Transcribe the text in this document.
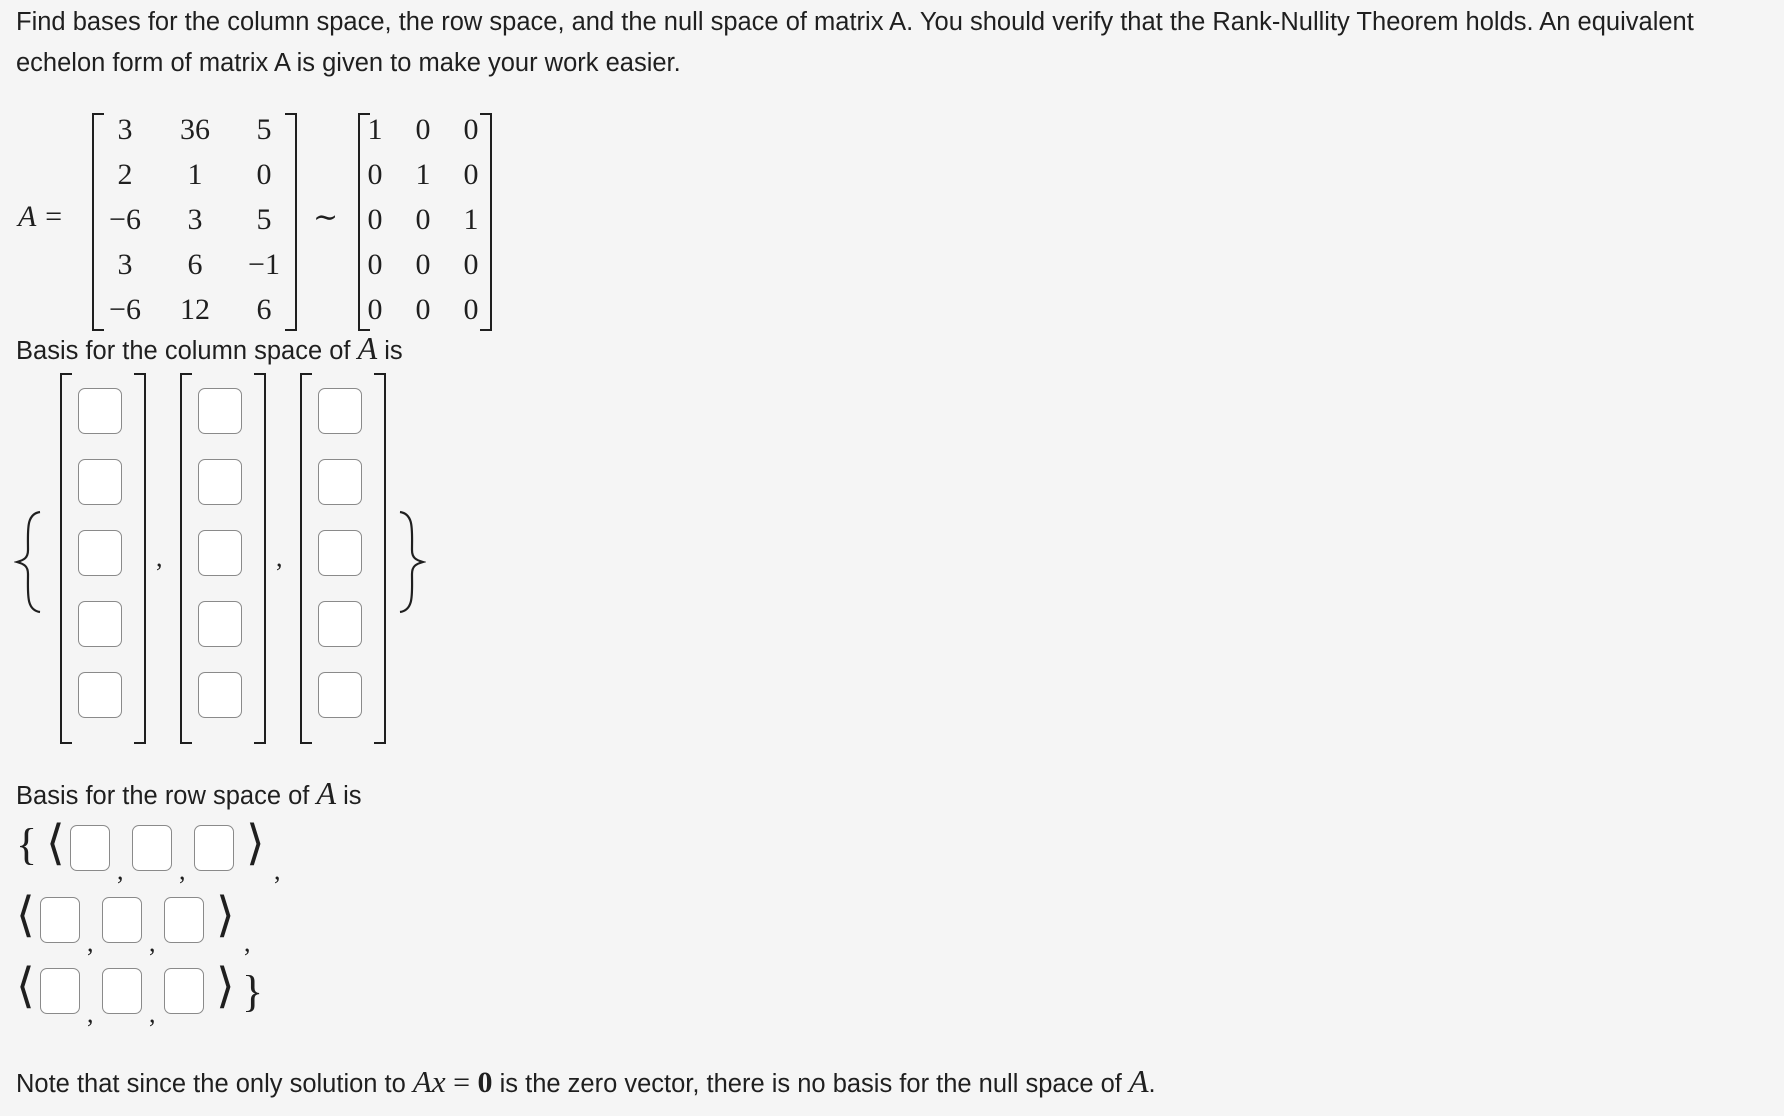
Find bases for the column space, the row space, and the null space of matrix A. You should verify that the Rank-Nullity Theorem holds. An equivalent echelon form of matrix A is given to make your work easier.

A =
3	36	5
2	1	0
−6	3	5
3	6	−1
−6	12	6
∼
1	0	0
0	1	0
0	0	1
0	0	0
0	0	0
Basis for the column space of A is
,	,
Basis for the row space of A is
{ ⟨
, ,
⟩
,
⟨
, ,
⟩
,
⟨
, ,
⟩ }
Note that since the only solution to Ax = 0 is the zero vector, there is no basis for the null space of A.
